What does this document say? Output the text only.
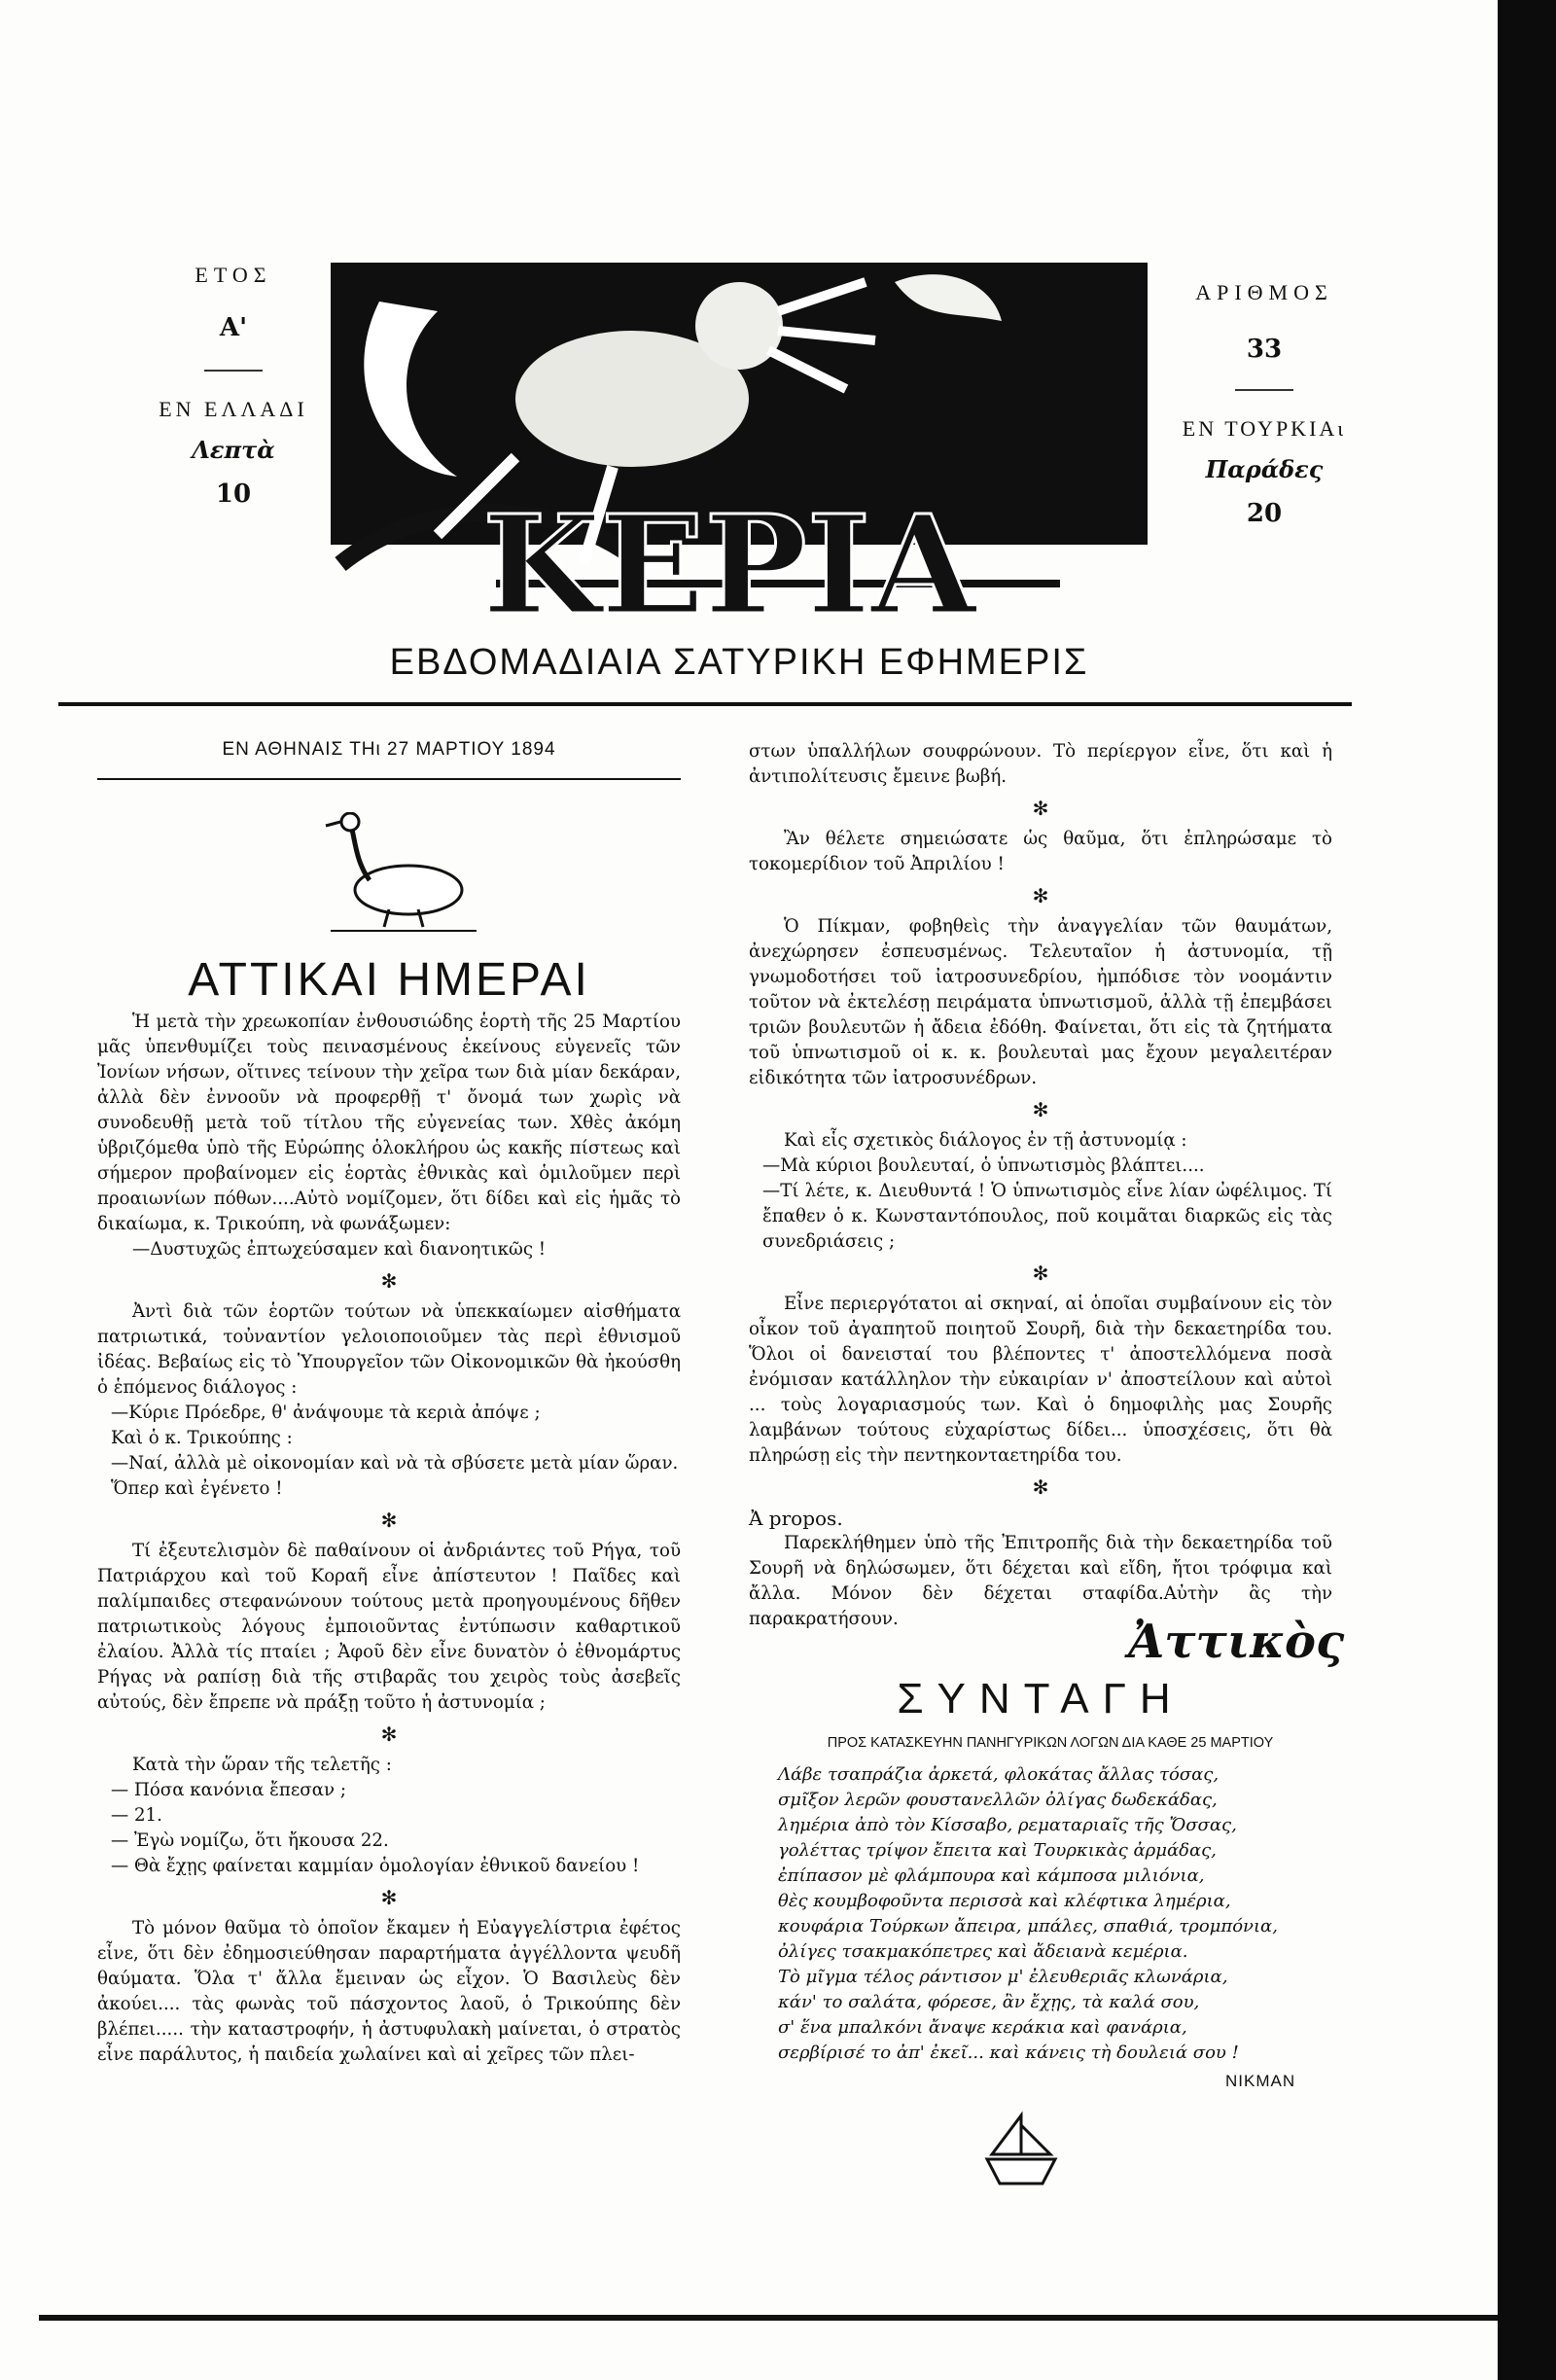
ΕΤΟΣ
Α'
ΕΝ ΕΛΛΑΔΙ
Λεπτὰ
10
ΑΡΙΘΜΟΣ
33
ΕΝ ΤΟΥΡΚΙΑι
Παράδες
20
ΚΕΡΙΑ
ΕΒΔΟΜΑΔΙΑΙΑ ΣΑΤΥΡΙΚΗ ΕΦΗΜΕΡΙΣ
ΕΝ ΑΘΗΝΑΙΣ ΤΗι 27 ΜΑΡΤΙΟΥ 1894
ΑΤΤΙΚΑΙ ΗΜΕΡΑΙ

Ἡ μετὰ τὴν χρεωκοπίαν ἐνθουσιώδης ἑορτὴ τῆς 25 Μαρτίου μᾶς ὑπενθυμίζει τοὺς πεινασμένους ἐκείνους εὐγενεῖς τῶν Ἰονίων νήσων, οἵτινες τείνουν τὴν χεῖρα των διὰ μίαν δεκάραν, ἀλλὰ δὲν ἐννοοῦν νὰ προφερθῇ τ' ὄνομά των χωρὶς νὰ συνοδευθῇ μετὰ τοῦ τίτλου τῆς εὐγενείας των. Χθὲς ἀκόμη ὑβριζόμεθα ὑπὸ τῆς Εὐρώπης ὁλοκλήρου ὡς κακῆς πίστεως καὶ σήμερον προβαίνομεν εἰς ἑορτὰς ἐθνικὰς καὶ ὁμιλοῦμεν περὶ προαιωνίων πόθων....Αὐτὸ νομίζομεν, ὅτι δίδει καὶ εἰς ἡμᾶς τὸ δικαίωμα, κ. Τρικούπη, νὰ φωνάξωμεν:

—Δυστυχῶς ἐπτωχεύσαμεν καὶ διανοητικῶς !

✻

Ἀντὶ διὰ τῶν ἑορτῶν τούτων νὰ ὑπεκκαίωμεν αἰσθήματα πατριωτικά, τοὐναντίον γελοιοποιοῦμεν τὰς περὶ ἐθνισμοῦ ἰδέας. Βεβαίως εἰς τὸ Ὑπουργεῖον τῶν Οἰκονομικῶν θὰ ἠκούσθη ὁ ἑπόμενος διάλογος :

—Κύριε Πρόεδρε, θ' ἀνάψουμε τὰ κεριὰ ἀπόψε ;

Καὶ ὁ κ. Τρικούπης :

—Ναί, ἀλλὰ μὲ οἰκονομίαν καὶ νὰ τὰ σβύσετε μετὰ μίαν ὥραν.

Ὅπερ καὶ ἐγένετο !

✻

Τί ἐξευτελισμὸν δὲ παθαίνουν οἱ ἀνδριάντες τοῦ Ρήγα, τοῦ Πατριάρχου καὶ τοῦ Κοραῆ εἶνε ἀπίστευτον ! Παῖδες καὶ παλίμπαιδες στεφανώνουν τούτους μετὰ προηγουμένους δῆθεν πατριωτικοὺς λόγους ἐμποιοῦντας ἐντύπωσιν καθαρτικοῦ ἐλαίου. Ἀλλὰ τίς πταίει ; Ἀφοῦ δὲν εἶνε δυνατὸν ὁ ἐθνομάρτυς Ρήγας νὰ ραπίσῃ διὰ τῆς στιβαρᾶς του χειρὸς τοὺς ἀσεβεῖς αὐτούς, δὲν ἔπρεπε νὰ πράξῃ τοῦτο ἡ ἀστυνομία ;

✻

Κατὰ τὴν ὥραν τῆς τελετῆς :

— Πόσα κανόνια ἔπεσαν ;

— 21.

— Ἐγὼ νομίζω, ὅτι ἤκουσα 22.

— Θὰ ἔχῃς φαίνεται καμμίαν ὁμολογίαν ἐθνικοῦ δανείου !

✻

Τὸ μόνον θαῦμα τὸ ὁποῖον ἔκαμεν ἡ Εὐαγγελίστρια ἐφέτος εἶνε, ὅτι δὲν ἐδημοσιεύθησαν παραρτήματα ἀγγέλλοντα ψευδῆ θαύματα. Ὅλα τ' ἄλλα ἔμειναν ὡς εἶχον. Ὁ Βασιλεὺς δὲν ἀκούει.... τὰς φωνὰς τοῦ πάσχοντος λαοῦ, ὁ Τρικούπης δὲν βλέπει..... τὴν καταστροφήν, ἡ ἀστυφυλακὴ μαίνεται, ὁ στρατὸς εἶνε παράλυτος, ἡ παιδεία χωλαίνει καὶ αἱ χεῖρες τῶν πλει-

στων ὑπαλλήλων σουφρώνουν. Τὸ περίεργον εἶνε, ὅτι καὶ ἡ ἀντιπολίτευσις ἔμεινε βωβή.

✻

Ἂν θέλετε σημειώσατε ὡς θαῦμα, ὅτι ἐπληρώσαμε τὸ τοκομερίδιον τοῦ Ἀπριλίου !

✻

Ὁ Πίκμαν, φοβηθεὶς τὴν ἀναγγελίαν τῶν θαυμάτων, ἀνεχώρησεν ἐσπευσμένως. Τελευταῖον ἡ ἀστυνομία, τῇ γνωμοδοτήσει τοῦ ἰατροσυνεδρίου, ἠμπόδισε τὸν νοομάντιν τοῦτον νὰ ἐκτελέσῃ πειράματα ὑπνωτισμοῦ, ἀλλὰ τῇ ἐπεμβάσει τριῶν βουλευτῶν ἡ ἄδεια ἐδόθη. Φαίνεται, ὅτι εἰς τὰ ζητήματα τοῦ ὑπνωτισμοῦ οἱ κ. κ. βουλευταὶ μας ἔχουν μεγαλειτέραν εἰδικότητα τῶν ἰατροσυνέδρων.

✻

Καὶ εἷς σχετικὸς διάλογος ἐν τῇ ἀστυνομίᾳ :

—Μὰ κύριοι βουλευταί, ὁ ὑπνωτισμὸς βλάπτει....

—Τί λέτε, κ. Διευθυντά ! Ὁ ὑπνωτισμὸς εἶνε λίαν ὠφέλιμος. Τί ἔπαθεν ὁ κ. Κωνσταντόπουλος, ποῦ κοιμᾶται διαρκῶς εἰς τὰς συνεδριάσεις ;

✻

Εἶνε περιεργότατοι αἱ σκηναί, αἱ ὁποῖαι συμβαίνουν εἰς τὸν οἶκον τοῦ ἀγαπητοῦ ποιητοῦ Σουρῆ, διὰ τὴν δεκαετηρίδα του. Ὅλοι οἱ δανεισταί του βλέποντες τ' ἀποστελλόμενα ποσὰ ἐνόμισαν κατάλληλον τὴν εὐκαιρίαν ν' ἀποστείλουν καὶ αὐτοὶ ... τοὺς λογαριασμούς των. Καὶ ὁ δημοφιλὴς μας Σουρῆς λαμβάνων τούτους εὐχαρίστως δίδει... ὑποσχέσεις, ὅτι θὰ πληρώσῃ εἰς τὴν πεντηκονταετηρίδα του.

✻

Ἀ propos.

Παρεκλήθημεν ὑπὸ τῆς Ἐπιτροπῆς διὰ τὴν δεκαετηρίδα τοῦ Σουρῆ νὰ δηλώσωμεν, ὅτι δέχεται καὶ εἴδη, ἤτοι τρόφιμα καὶ ἄλλα. Μόνον δὲν δέχεται σταφίδα.Αὐτὴν ἂς τὴν παρακρατήσουν.	Ἀττικὸς
ΣΥΝΤΑΓΗ
ΠΡΟΣ ΚΑΤΑΣΚΕΥΗΝ ΠΑΝΗΓΥΡΙΚΩΝ ΛΟΓΩΝ ΔΙΑ ΚΑΘΕ 25 ΜΑΡΤΙΟΥ

Λάβε τσαπράζια ἀρκετά, φλοκάτας ἄλλας τόσας,

σμῖξον λερῶν φουστανελλῶν ὀλίγας δωδεκάδας,

λημέρια ἀπὸ τὸν Κίσσαβο, ρεματαριαῖς τῆς Ὄσσας,

γολέττας τρίψον ἔπειτα καὶ Τουρκικὰς ἀρμάδας,

ἐπίπασον μὲ φλάμπουρα καὶ κάμποσα μιλιόνια,

θὲς κουμβοφοῦντα περισσὰ καὶ κλέφτικα λημέρια,

κουφάρια Τούρκων ἄπειρα, μπάλες, σπαθιά, τρομπόνια,

ὀλίγες τσακμακόπετρες καὶ ἄδειανὰ κεμέρια.

Τὸ μῖγμα τέλος ράντισον μ' ἐλευθεριᾶς κλωνάρια,

κάν' το σαλάτα, φόρεσε, ἂν ἔχῃς, τὰ καλά σου,

σ' ἕνα μπαλκόνι ἄναψε κεράκια καὶ φανάρια,

σερβίρισέ το ἀπ' ἐκεῖ... καὶ κάνεις τὴ δουλειά σου !

ΝΙΚΜΑΝ
